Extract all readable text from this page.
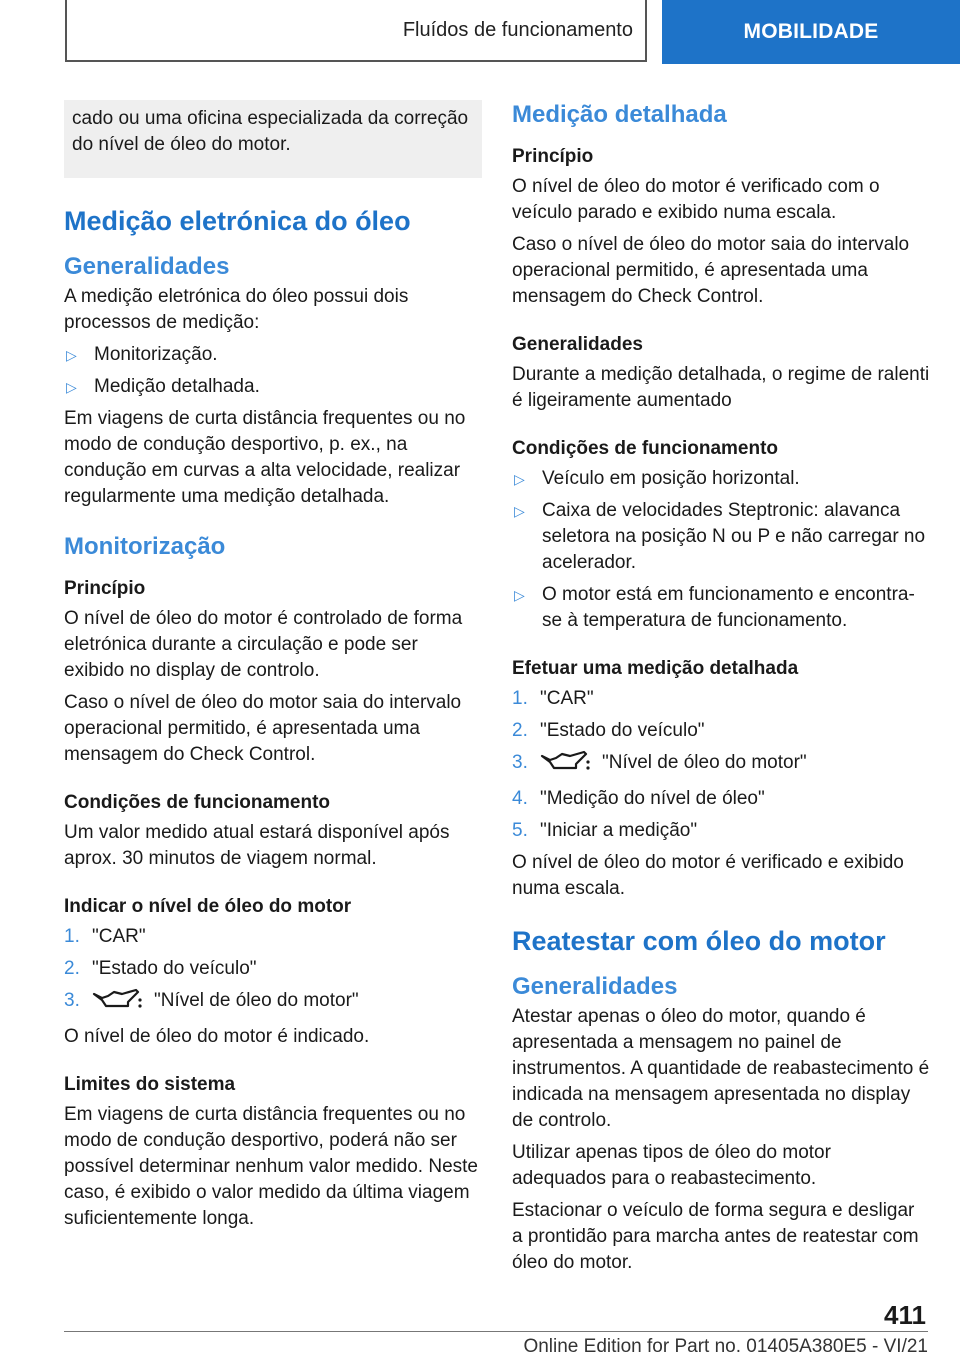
Fluídos de funcionamento	MOBILIDADE
cado ou uma oficina especializada da correção do nível de óleo do motor.
Medição eletrónica do óleo
Generalidades

A medição eletrónica do óleo possui dois processos de medição:

▷ Monitorização.
▷ Medição detalhada.

Em viagens de curta distância frequentes ou no modo de condução desportivo, p. ex., na condução em curvas a alta velocidade, realizar regularmente uma medição detalhada.

Monitorização
Princípio

O nível de óleo do motor é controlado de forma eletrónica durante a circulação e pode ser exibido no display de controlo.

Caso o nível de óleo do motor saia do intervalo operacional permitido, é apresentada uma mensagem do Check Control.

Condições de funcionamento

Um valor medido atual estará disponível após aprox. 30 minutos de viagem normal.

Indicar o nível de óleo do motor
1. "CAR"
2. "Estado do veículo"
3.	"Nível de óleo do motor"

O nível de óleo do motor é indicado.

Limites do sistema

Em viagens de curta distância frequentes ou no modo de condução desportivo, poderá não ser possível determinar nenhum valor medido. Neste caso, é exibido o valor medido da última viagem suficientemente longa.

Medição detalhada
Princípio

O nível de óleo do motor é verificado com o veículo parado e exibido numa escala.

Caso o nível de óleo do motor saia do intervalo operacional permitido, é apresentada uma mensagem do Check Control.

Generalidades

Durante a medição detalhada, o regime de ralenti é ligeiramente aumentado

Condições de funcionamento
▷ Veículo em posição horizontal.
▷ Caixa de velocidades Steptronic: alavanca seletora na posição N ou P e não carregar no acelerador.
▷ O motor está em funcionamento e encontra-se à temperatura de funcionamento.
Efetuar uma medição detalhada
1. "CAR"
2. "Estado do veículo"
3.	"Nível de óleo do motor"
4. "Medição do nível de óleo"
5. "Iniciar a medição"

O nível de óleo do motor é verificado e exibido numa escala.

Reatestar com óleo do motor
Generalidades

Atestar apenas o óleo do motor, quando é apresentada a mensagem no painel de instrumentos. A quantidade de reabastecimento é indicada na mensagem apresentada no display de controlo.

Utilizar apenas tipos de óleo do motor adequados para o reabastecimento.

Estacionar o veículo de forma segura e desligar a prontidão para marcha antes de reatestar com óleo do motor.

411
Online Edition for Part no. 01405A380E5 - VI/21
